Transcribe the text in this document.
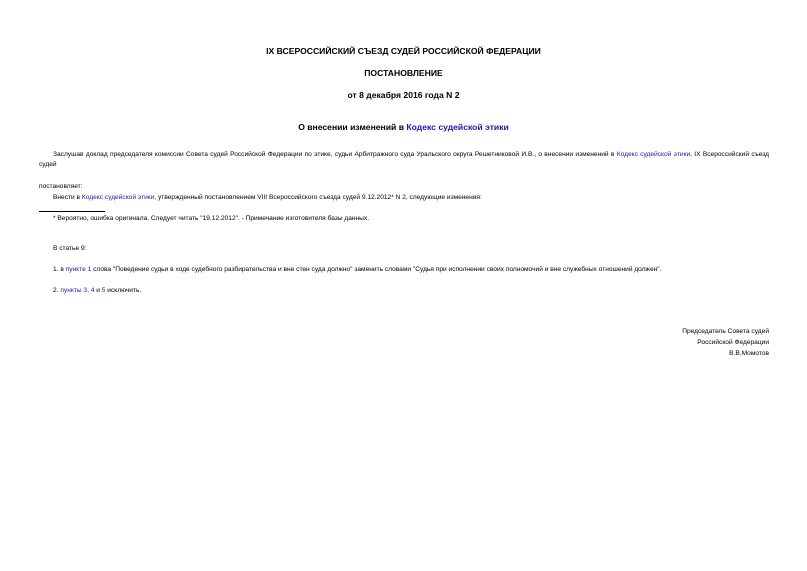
IX ВСЕРОССИЙСКИЙ СЪЕЗД СУДЕЙ РОССИЙСКОЙ ФЕДЕРАЦИИ
ПОСТАНОВЛЕНИЕ
от 8 декабря 2016 года N 2
О внесении изменений в Кодекс судейской этики
Заслушав доклад председателя комиссии Совета судей Российской Федерации по этике, судьи Арбитражного суда Уральского округа Решетниковой И.В., о внесении изменений в Кодекс судейской этики, IX Всероссийский съезд судей
постановляет:
Внести в Кодекс судейской этики, утвержденный постановлением VIII Всероссийского съезда судей 9.12.2012* N 2, следующие изменения:
* Вероятно, ошибка оригинала. Следует читать "19.12.2012". - Примечание изготовителя базы данных.
В статье 9:
1. в пункте 1 слова "Поведение судьи в ходе судебного разбирательства и вне стен суда должно" заменить словами "Судья при исполнении своих полномочий и вне служебных отношений должен".
2. пункты 3, 4 и 5 исключить.
Председатель Совета судей
Российской Федерации
В.В.Момотов
